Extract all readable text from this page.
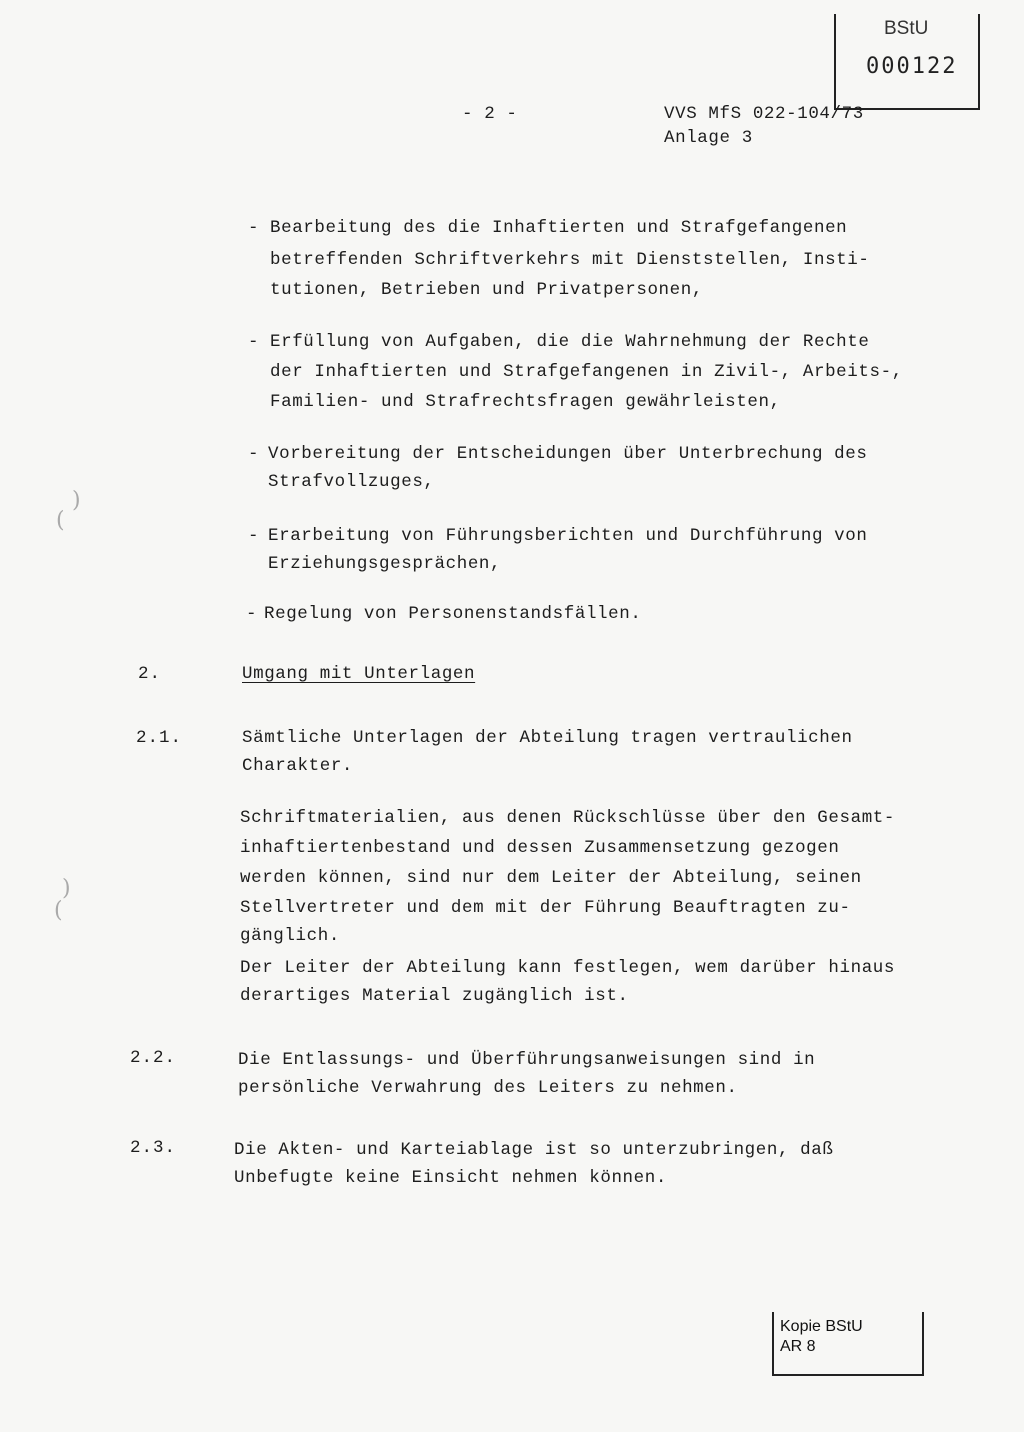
BStU
000122
- 2 -	VVS MfS 022-104/73
Anlage 3
- Bearbeitung des die Inhaftierten und Strafgefangenen
betreffenden Schriftverkehrs mit Dienststellen, Insti-
tutionen, Betrieben und Privatpersonen,
- Erfüllung von Aufgaben, die die Wahrnehmung der Rechte
der Inhaftierten und Strafgefangenen in Zivil-, Arbeits-,
Familien- und Strafrechtsfragen gewährleisten,
- Vorbereitung der Entscheidungen über Unterbrechung des
Strafvollzuges,
- Erarbeitung von Führungsberichten und Durchführung von
Erziehungsgesprächen,
- Regelung von Personenstandsfällen.
2.	Umgang mit Unterlagen
2.1.	Sämtliche Unterlagen der Abteilung tragen vertraulichen
Charakter.
Schriftmaterialien, aus denen Rückschlüsse über den Gesamt-
inhaftiertenbestand und dessen Zusammensetzung gezogen
werden können, sind nur dem Leiter der Abteilung, seinen
Stellvertreter und dem mit der Führung Beauftragten zu-
gänglich.
Der Leiter der Abteilung kann festlegen, wem darüber hinaus
derartiges Material zugänglich ist.
2.2.	Die Entlassungs- und Überführungsanweisungen sind in
persönliche Verwahrung des Leiters zu nehmen.
2.3.	Die Akten- und Karteiablage ist so unterzubringen, daß
Unbefugte keine Einsicht nehmen können.
)
(
)
(
Kopie BStU
AR 8
